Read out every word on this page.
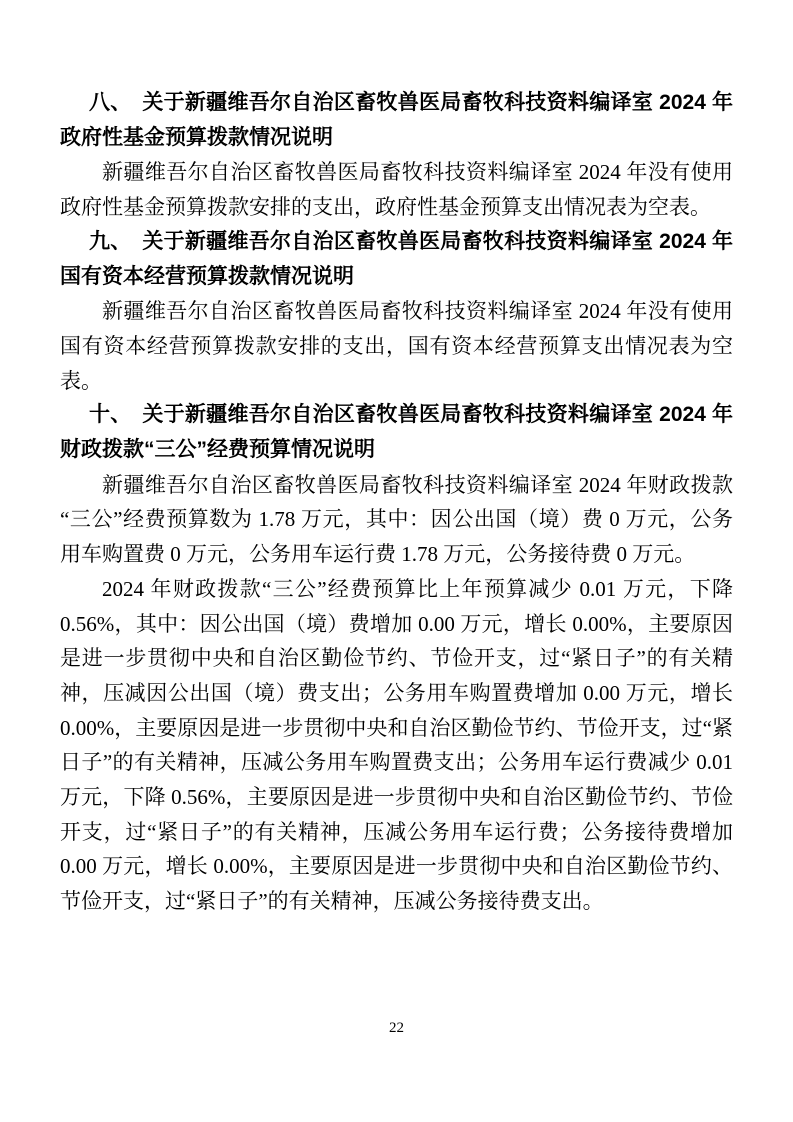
八、　关于新疆维吾尔自治区畜牧兽医局畜牧科技资料编译室 2024 年政府性基金预算拨款情况说明

新疆维吾尔自治区畜牧兽医局畜牧科技资料编译室 2024 年没有使用政府性基金预算拨款安排的支出，政府性基金预算支出情况表为空表。

九、　关于新疆维吾尔自治区畜牧兽医局畜牧科技资料编译室 2024 年国有资本经营预算拨款情况说明

新疆维吾尔自治区畜牧兽医局畜牧科技资料编译室 2024 年没有使用国有资本经营预算拨款安排的支出，国有资本经营预算支出情况表为空表。

十、　关于新疆维吾尔自治区畜牧兽医局畜牧科技资料编译室 2024 年财政拨款“三公”经费预算情况说明

新疆维吾尔自治区畜牧兽医局畜牧科技资料编译室 2024 年财政拨款“三公”经费预算数为 1.78 万元，其中：因公出国（境）费 0 万元，公务用车购置费 0 万元，公务用车运行费 1.78 万元，公务接待费 0 万元。

2024 年财政拨款“三公”经费预算比上年预算减少 0.01 万元，下降 0.56%，其中：因公出国（境）费增加 0.00 万元，增长 0.00%，主要原因是进一步贯彻中央和自治区勤俭节约、节俭开支，过“紧日子”的有关精神，压减因公出国（境）费支出；公务用车购置费增加 0.00 万元，增长 0.00%，主要原因是进一步贯彻中央和自治区勤俭节约、节俭开支，过“紧日子”的有关精神，压减公务用车购置费支出；公务用车运行费减少 0.01 万元，下降 0.56%，主要原因是进一步贯彻中央和自治区勤俭节约、节俭开支，过“紧日子”的有关精神，压减公务用车运行费；公务接待费增加 0.00 万元，增长 0.00%，主要原因是进一步贯彻中央和自治区勤俭节约、节俭开支，过“紧日子”的有关精神，压减公务接待费支出。

22
